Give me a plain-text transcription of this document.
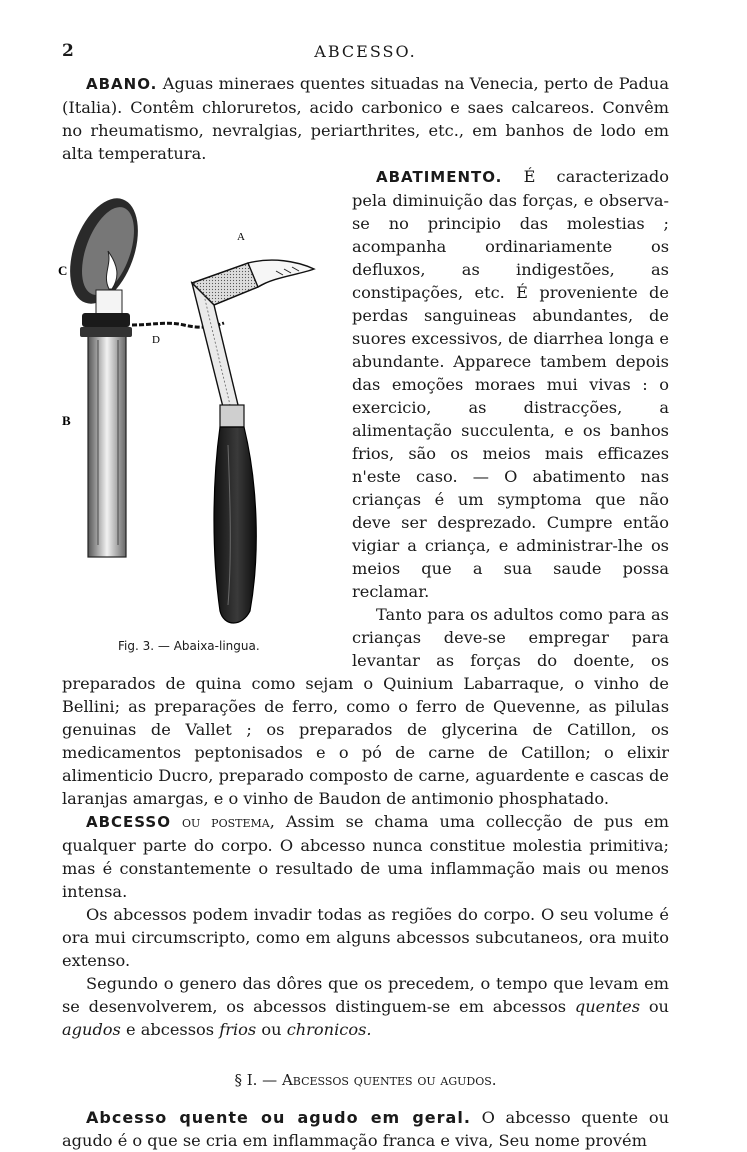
2	ABCESSO.

ABANO. Aguas mineraes quentes situadas na Venecia, perto de Padua (Italia). Contêm chloruretos, acido carbonico e saes calcareos. Convêm no rheumatismo, nevralgias, periarthrites, etc., em banhos de lodo em alta temperatura.

C
B
A
D
Fig. 3. — Abaixa-lingua.

ABATIMENTO. É caracterizado pela diminuição das forças, e observa-se no principio das molestias ; acompanha ordinariamente os defluxos, as indigestões, as constipações, etc. É proveniente de perdas sanguineas abundantes, de suores excessivos, de diarrhea longa e abundante. Apparece tambem depois das emoções moraes mui vivas : o exercicio, as distracções, a alimentação succulenta, e os banhos frios, são os meios mais efficazes n'este caso. — O abatimento nas crianças é um symptoma que não deve ser desprezado. Cumpre então vigiar a criança, e administrar-lhe os meios que a sua saude possa reclamar.

Tanto para os adultos como para as crianças deve-se empregar para levantar as forças do doente, os preparados de quina como sejam o Quinium Labarraque, o vinho de Bellini; as preparações de ferro, como o ferro de Quevenne, as pilulas genuinas de Vallet ; os preparados de glycerina de Catillon, os medicamentos peptonisados e o pó de carne de Catillon; o elixir alimenticio Ducro, preparado composto de carne, aguardente e cascas de laranjas amargas, e o vinho de Baudon de antimonio phosphatado.

ABCESSO ou postema, Assim se chama uma collecção de pus em qualquer parte do corpo. O abcesso nunca constitue molestia primitiva; mas é constantemente o resultado de uma inflammação mais ou menos intensa.

Os abcessos podem invadir todas as regiões do corpo. O seu volume é ora mui circumscripto, como em alguns abcessos subcutaneos, ora muito extenso.

Segundo o genero das dôres que os precedem, o tempo que levam em se desenvolverem, os abcessos distinguem-se em abcessos quentes ou agudos e abcessos frios ou chronicos.

§ I. — Abcessos quentes ou agudos.

Abcesso quente ou agudo em geral. O abcesso quente ou agudo é o que se cria em inflammação franca e viva, Seu nome provém
